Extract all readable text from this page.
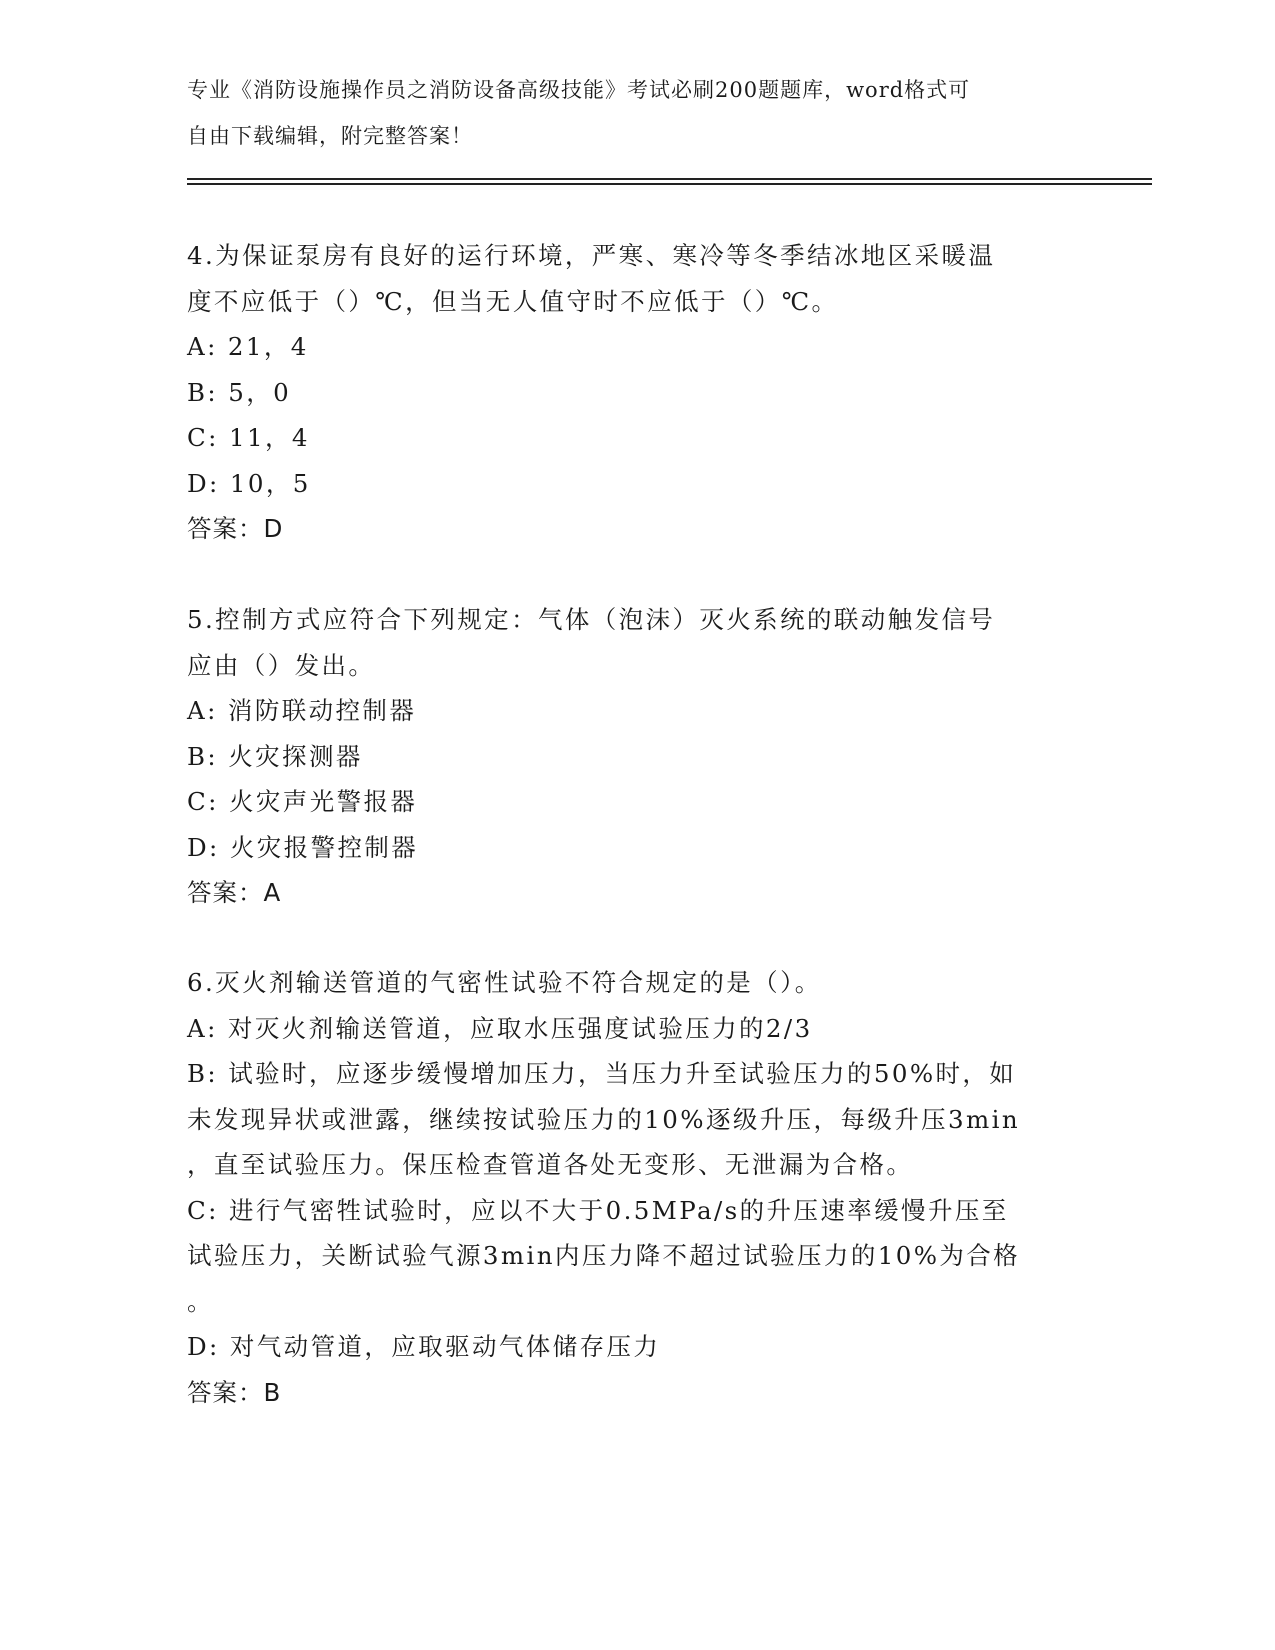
专业《消防设施操作员之消防设备高级技能》考试必刷200题题库，word格式可
自由下载编辑，附完整答案！
4.为保证泵房有良好的运行环境，严寒、寒冷等冬季结冰地区采暖温
度不应低于（）℃，但当无人值守时不应低于（）℃。
A: 21，4
B: 5，0
C: 11，4
D: 10，5
答案：D
5.控制方式应符合下列规定：气体（泡沫）灭火系统的联动触发信号
应由（）发出。
A: 消防联动控制器
B: 火灾探测器
C: 火灾声光警报器
D: 火灾报警控制器
答案：A
6.灭火剂输送管道的气密性试验不符合规定的是（）。
A: 对灭火剂输送管道，应取水压强度试验压力的2/3
B: 试验时，应逐步缓慢增加压力，当压力升至试验压力的50%时，如
未发现异状或泄露，继续按试验压力的10%逐级升压，每级升压3min
，直至试验压力。保压检查管道各处无变形、无泄漏为合格。
C: 进行气密牲试验时，应以不大于0.5MPa/s的升压速率缓慢升压至
试验压力，关断试验气源3min内压力降不超过试验压力的10%为合格
。
D: 对气动管道，应取驱动气体储存压力
答案：B
